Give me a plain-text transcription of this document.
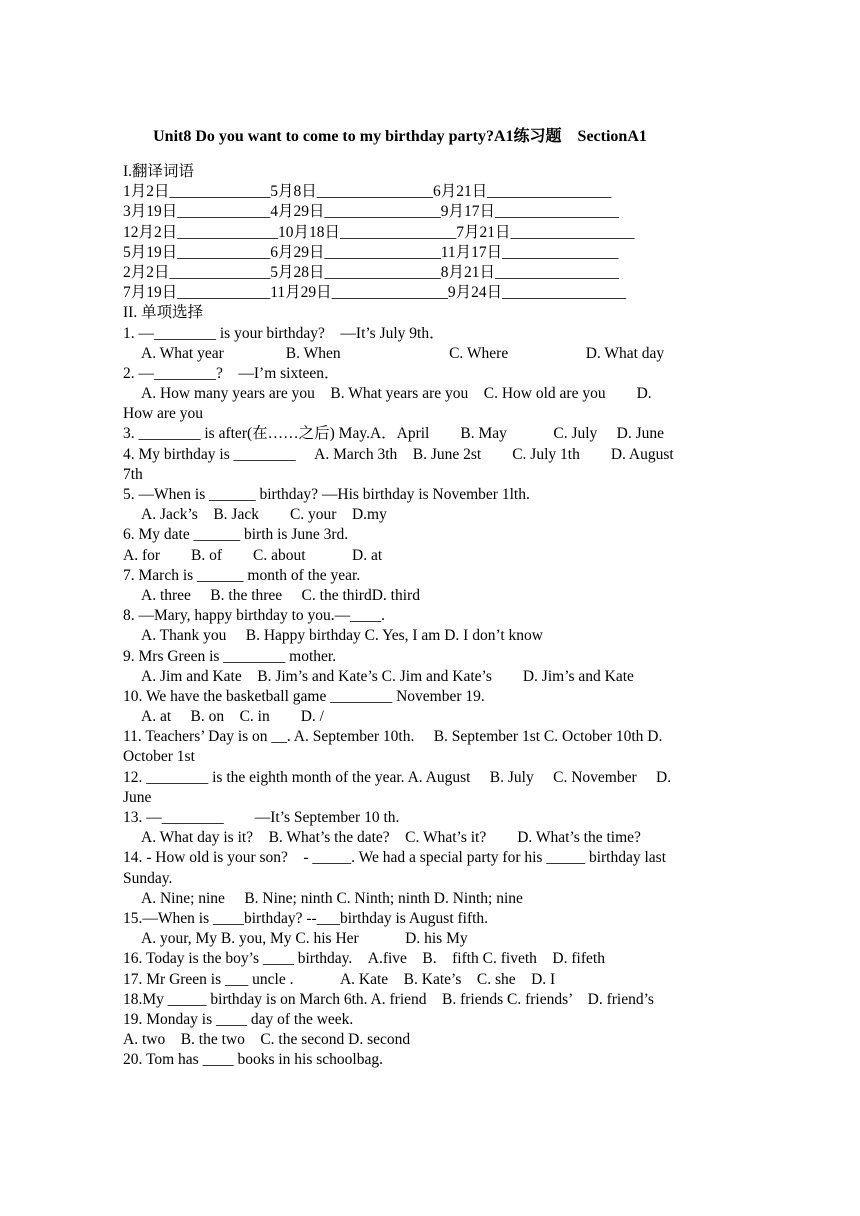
Unit8 Do you want to come to my birthday party?A1练习题　SectionA1
I.翻译词语
1月2日_____________5月8日_______________6月21日________________
3月19日____________4月29日_______________9月17日________________
12月2日_____________10月18日_______________7月21日________________
5月19日____________6月29日_______________11月17日_______________
2月2日_____________5月28日_______________8月21日________________
7月19日____________11月29日_______________9月24日________________
II. 单项选择
1. —________ is your birthday?　—It’s July 9th．
A. What year　　　　B. When　　　　　　　C. Where　　　　　D. What day
2. —________?　—I’m sixteen．
A. How many years are you　B. What years are you　C. How old are you　　D.
How are you
3. ________ is after(在……之后) May.A．April　　B. May　　　C. July　 D. June
4. My birthday is ________　 A. March 3th　B. June 2st　　C. July 1th　　D. August
7th
5. —When is ______ birthday? —His birthday is November 1lth.
A. Jack’s　B. Jack　　C. your　D.my
6. My date ______ birth is June 3rd.
A. for　　B. of　　C. about　　　D. at
7. March is ______ month of the year.
A. three　 B. the three　 C. the thirdD. third
8. —Mary, happy birthday to you.—____.
A. Thank you　 B. Happy birthday C. Yes, I am D. I don’t know
9. Mrs Green is ________ mother.
A. Jim and Kate　B. Jim’s and Kate’s C. Jim and Kate’s　　D. Jim’s and Kate
10. We have the basketball game ________ November 19.
A. at　 B. on　C. in　　D. /
11. Teachers’ Day is on __. A. September 10th.　 B. September 1st C. October 10th D.
October 1st
12. ________ is the eighth month of the year. A. August　 B. July　 C. November　 D.
June
13. —________　　—It’s September 10 th.
A. What day is it?　B. What’s the date?　C. What’s it?　　D. What’s the time?
14. - How old is your son?　- _____. We had a special party for his _____ birthday last
Sunday.
A. Nine; nine　 B. Nine; ninth C. Ninth; ninth D. Ninth; nine
15.—When is ____birthday? --___birthday is August fifth.
A. your, My B. you, My C. his Her　　　D. his My
16. Today is the boy’s ____ birthday.　A.five　B.　fifth C. fiveth　D. fifeth
17. Mr Green is ___ uncle .　　　A. Kate　B. Kate’s　C. she　D. I
18.My _____ birthday is on March 6th. A. friend　B. friends C. friends’　D. friend’s
19. Monday is ____ day of the week.
A. two　B. the two　C. the second D. second
20. Tom has ____ books in his schoolbag.
